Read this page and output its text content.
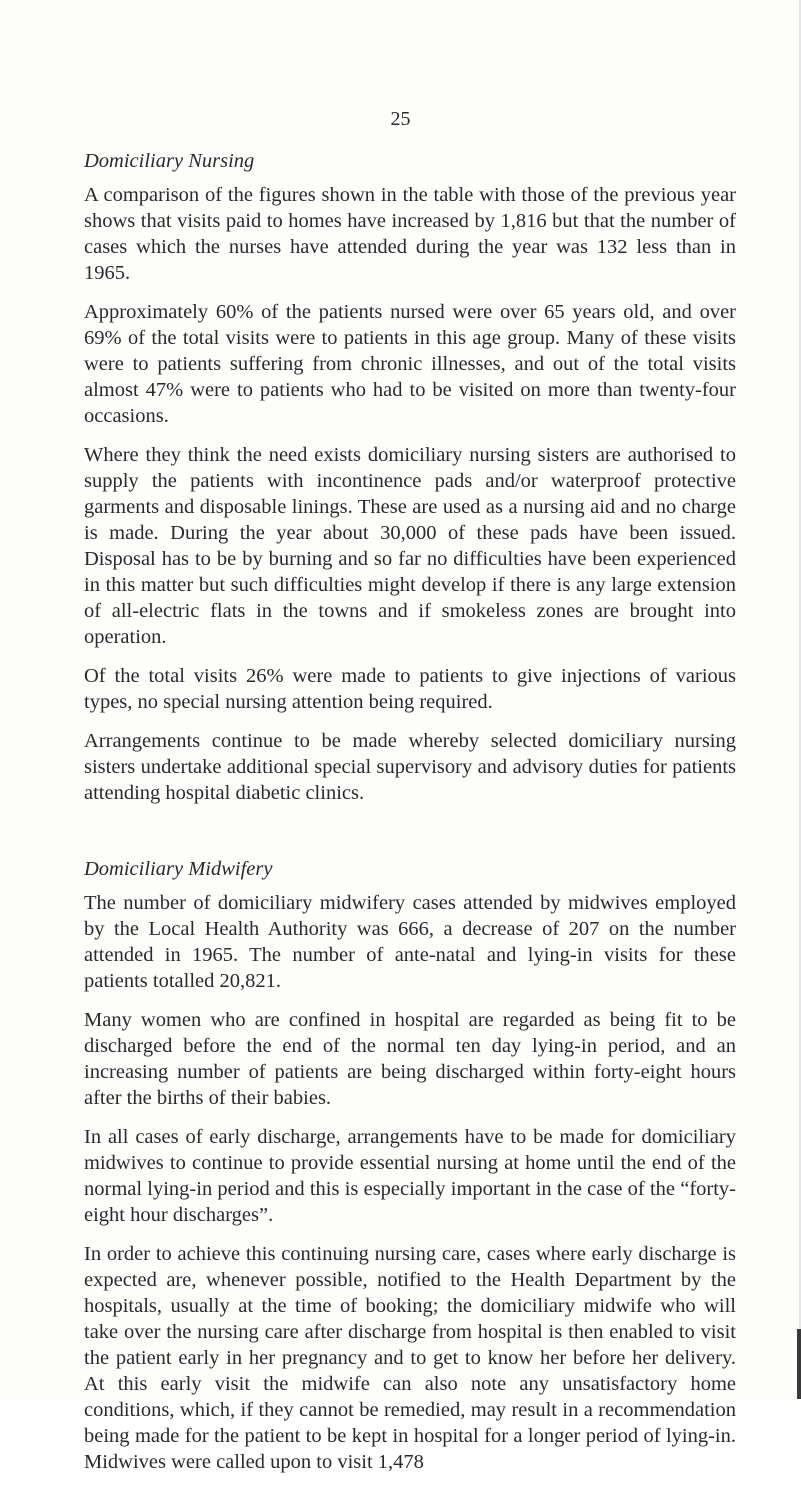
25
Domiciliary Nursing

A comparison of the figures shown in the table with those of the previous year shows that visits paid to homes have increased by 1,816 but that the number of cases which the nurses have attended during the year was 132 less than in 1965.

Approximately 60% of the patients nursed were over 65 years old, and over 69% of the total visits were to patients in this age group. Many of these visits were to patients suffering from chronic illnesses, and out of the total visits almost 47% were to patients who had to be visited on more than twenty-four occasions.

Where they think the need exists domiciliary nursing sisters are authorised to supply the patients with incontinence pads and/or waterproof protective garments and disposable linings. These are used as a nursing aid and no charge is made. During the year about 30,000 of these pads have been issued. Disposal has to be by burning and so far no difficulties have been experienced in this matter but such difficulties might develop if there is any large extension of all-electric flats in the towns and if smokeless zones are brought into operation.

Of the total visits 26% were made to patients to give injections of various types, no special nursing attention being required.

Arrangements continue to be made whereby selected domiciliary nursing sisters undertake additional special supervisory and advisory duties for patients attending hospital diabetic clinics.

Domiciliary Midwifery

The number of domiciliary midwifery cases attended by midwives employed by the Local Health Authority was 666, a decrease of 207 on the number attended in 1965. The number of ante-natal and lying-in visits for these patients totalled 20,821.

Many women who are confined in hospital are regarded as being fit to be discharged before the end of the normal ten day lying-in period, and an increasing number of patients are being discharged within forty-eight hours after the births of their babies.

In all cases of early discharge, arrangements have to be made for domiciliary midwives to continue to provide essential nursing at home until the end of the normal lying-in period and this is especially important in the case of the “forty-eight hour discharges”.

In order to achieve this continuing nursing care, cases where early discharge is expected are, whenever possible, notified to the Health Department by the hospitals, usually at the time of booking; the domiciliary midwife who will take over the nursing care after discharge from hospital is then enabled to visit the patient early in her pregnancy and to get to know her before her delivery. At this early visit the midwife can also note any unsatisfactory home conditions, which, if they cannot be remedied, may result in a recommendation being made for the patient to be kept in hospital for a longer period of lying-in. Midwives were called upon to visit 1,478
